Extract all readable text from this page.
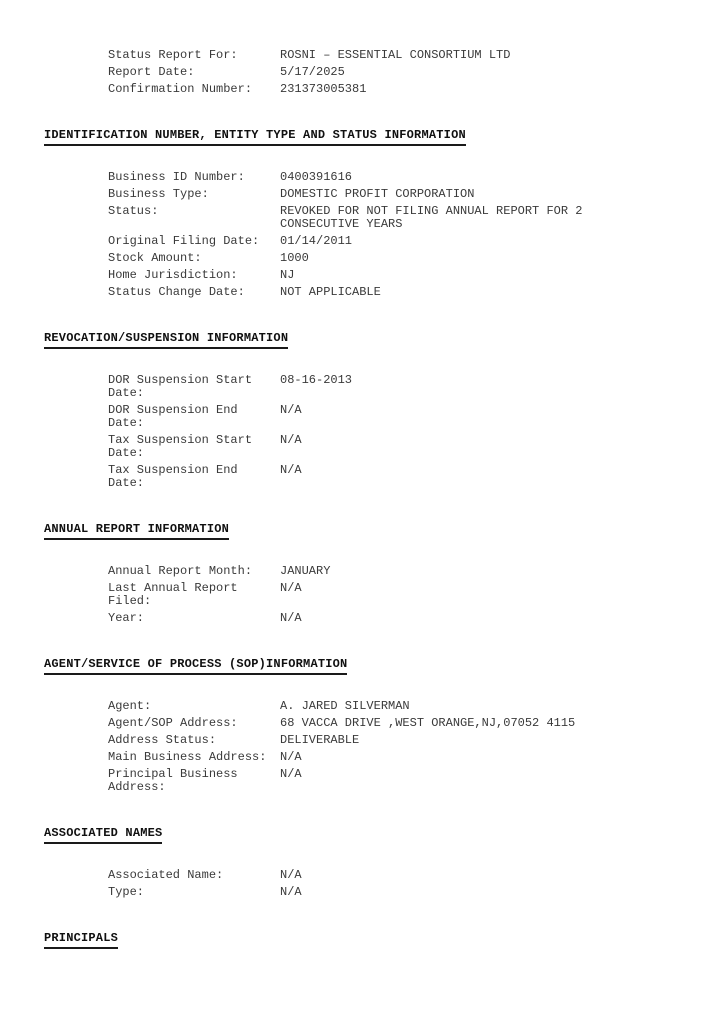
Status Report For:	ROSNI – ESSENTIAL CONSORTIUM LTD
Report Date:	5/17/2025
Confirmation Number:	231373005381
IDENTIFICATION NUMBER, ENTITY TYPE AND STATUS INFORMATION
Business ID Number:	0400391616
Business Type:	DOMESTIC PROFIT CORPORATION
Status:	REVOKED FOR NOT FILING ANNUAL REPORT FOR 2 CONSECUTIVE YEARS
Original Filing Date:	01/14/2011
Stock Amount:	1000
Home Jurisdiction:	NJ
Status Change Date:	NOT APPLICABLE
REVOCATION/SUSPENSION INFORMATION
DOR Suspension Start Date:
08-16-2013
DOR Suspension End Date:
N/A
Tax Suspension Start Date:
N/A
Tax Suspension End Date:
N/A
ANNUAL REPORT INFORMATION
Annual Report Month:	JANUARY
Last Annual Report Filed:
N/A
Year:	N/A
AGENT/SERVICE OF PROCESS (SOP)INFORMATION
Agent:	A. JARED SILVERMAN
Agent/SOP Address:	68 VACCA DRIVE ,WEST ORANGE,NJ,07052 4115
Address Status:	DELIVERABLE
Main Business Address:	N/A
Principal Business Address:
N/A
ASSOCIATED NAMES
Associated Name:	N/A
Type:	N/A
PRINCIPALS
